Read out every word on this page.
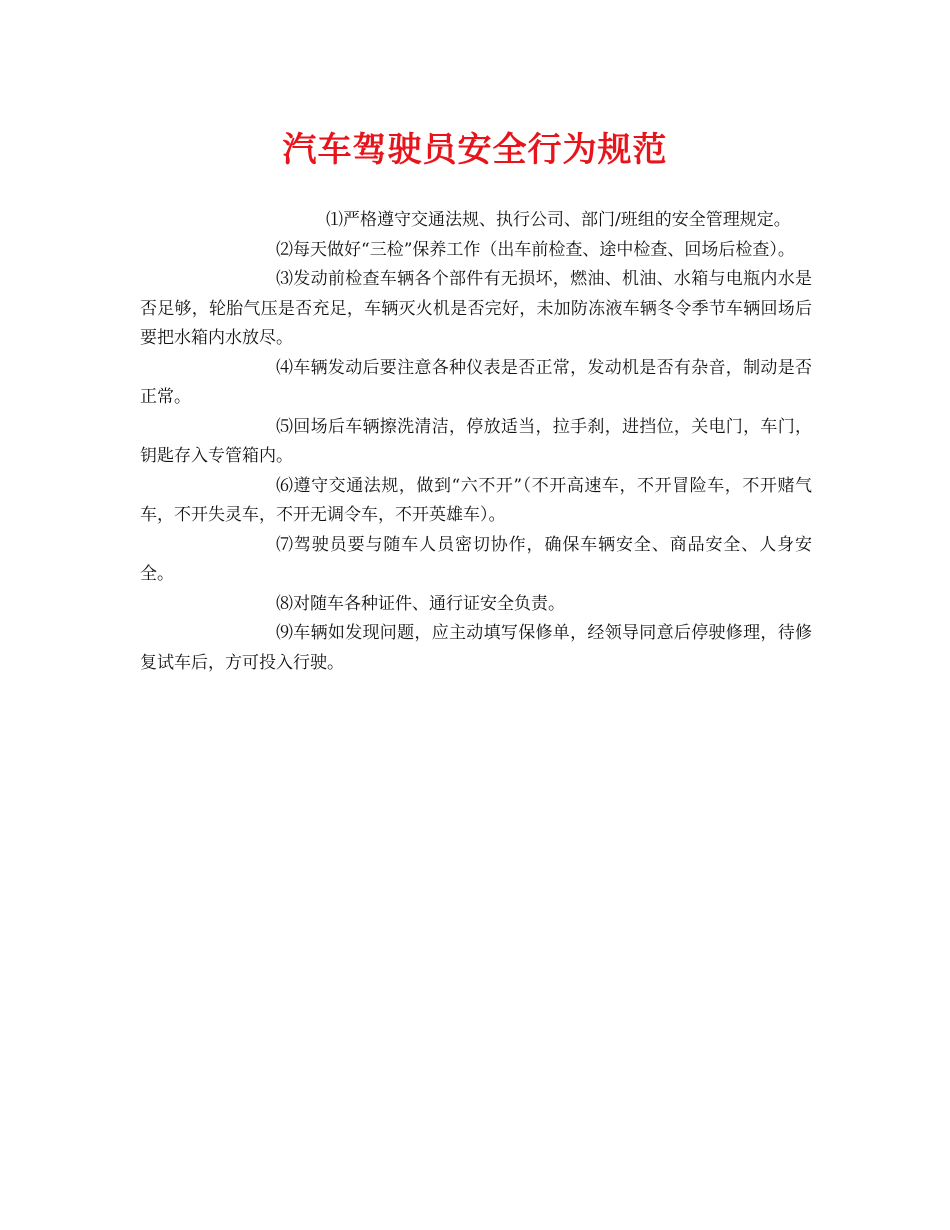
汽车驾驶员安全行为规范

⑴严格遵守交通法规、执行公司、部门/班组的安全管理规定。

⑵每天做好“三检”保养工作（出车前检查、途中检查、回场后检查）。

⑶发动前检查车辆各个部件有无损坏，燃油、机油、水箱与电瓶内水是否足够，轮胎气压是否充足，车辆灭火机是否完好，未加防冻液车辆冬令季节车辆回场后要把水箱内水放尽。

⑷车辆发动后要注意各种仪表是否正常，发动机是否有杂音，制动是否正常。

⑸回场后车辆擦洗清洁，停放适当，拉手刹，进挡位，关电门，车门，钥匙存入专管箱内。

⑹遵守交通法规，做到“六不开”（不开高速车，不开冒险车，不开赌气车，不开失灵车，不开无调令车，不开英雄车）。

⑺驾驶员要与随车人员密切协作，确保车辆安全、商品安全、人身安全。

⑻对随车各种证件、通行证安全负责。

⑼车辆如发现问题，应主动填写保修单，经领导同意后停驶修理，待修复试车后，方可投入行驶。
